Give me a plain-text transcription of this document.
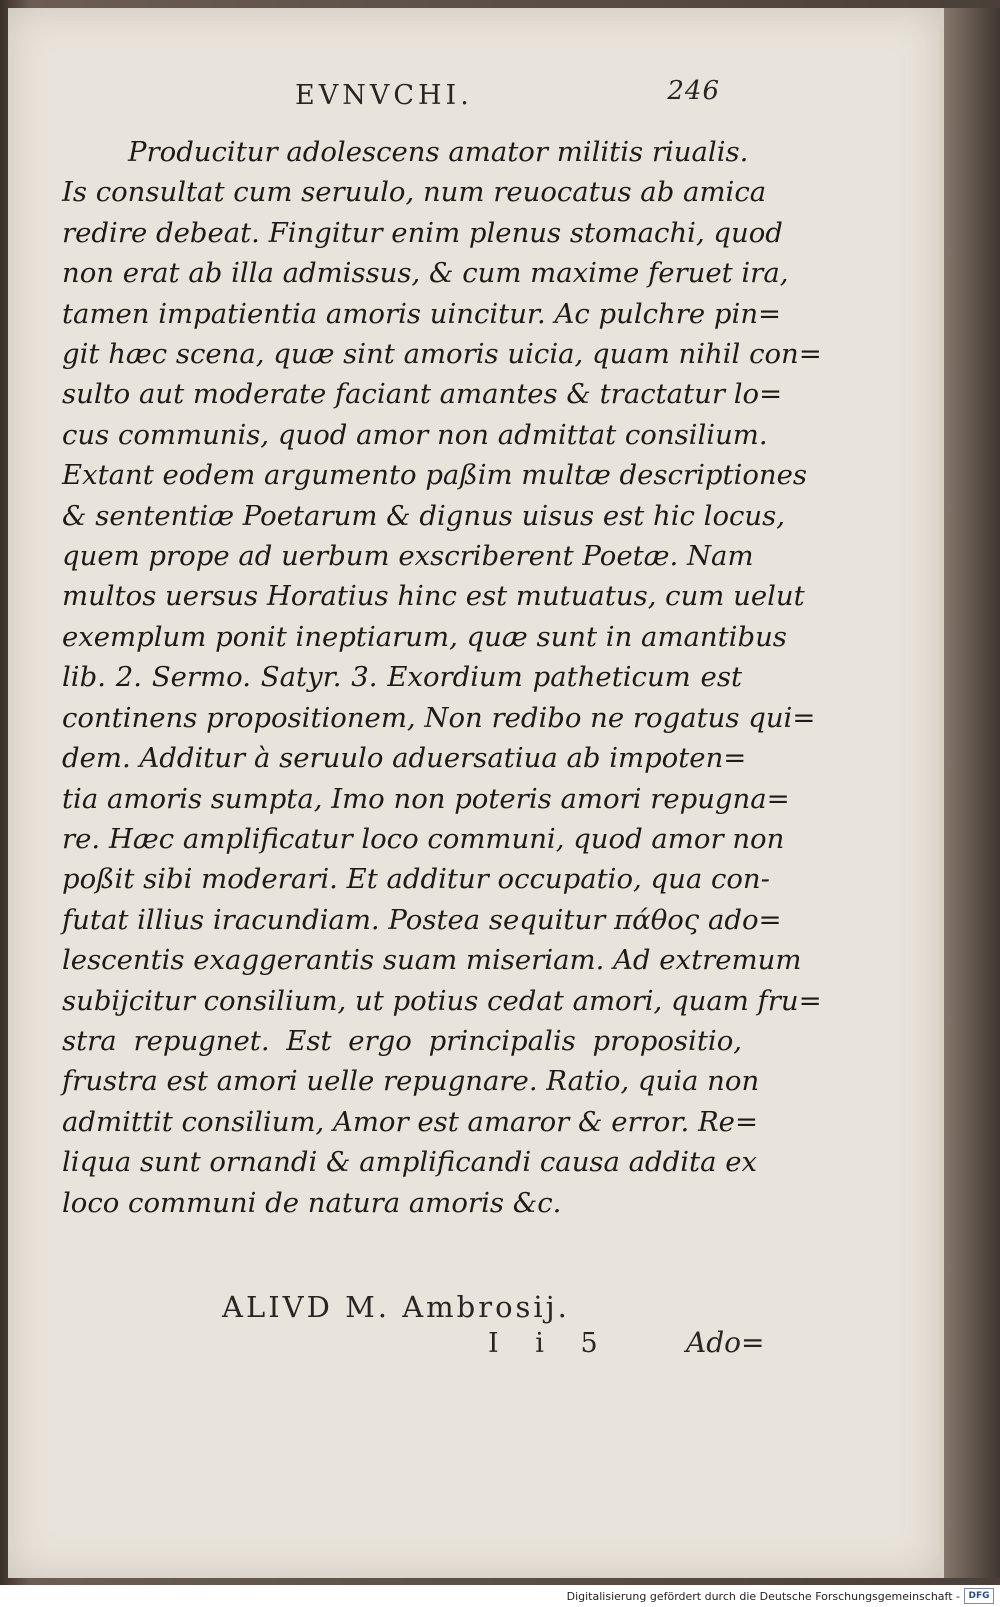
EVNVCHI.	246

Producitur adolescens amator militis riualis.
Is consultat cum seruulo, num reuocatus ab amica
redire debeat. Fingitur enim plenus stomachi, quod
non erat ab illa admissus, & cum maxime feruet ira,
tamen impatientia amoris uincitur. Ac pulchre pin=
git hæc scena, quæ sint amoris uicia, quam nihil con=
sulto aut moderate faciant amantes & tractatur lo=
cus communis, quod amor non admittat consilium.
Extant eodem argumento paßim multæ descriptiones
& sententiæ Poetarum & dignus uisus est hic locus,
quem prope ad uerbum exscriberent Poetæ. Nam
multos uersus Horatius hinc est mutuatus, cum uelut
exemplum ponit ineptiarum, quæ sunt in amantibus
lib. 2. Sermo. Satyr. 3. Exordium patheticum est
continens propositionem, Non redibo ne rogatus qui=
dem. Additur à seruulo aduersatiua ab impoten=
tia amoris sumpta, Imo non poteris amori repugna=
re. Hæc amplificatur loco communi, quod amor non
poßit sibi moderari. Et additur occupatio, qua con-
futat illius iracundiam. Postea sequitur πάθος ado=
lescentis exaggerantis suam miseriam. Ad extremum
subijcitur consilium, ut potius cedat amori, quam fru=
stra repugnet. Est ergo principalis propositio,
frustra est amori uelle repugnare. Ratio, quia non
admittit consilium, Amor est amaror & error. Re=
liqua sunt ornandi & amplificandi causa addita ex
loco communi de natura amoris &c.

ALIVD M. Ambrosij.
I i 5	Ado=
Digitalisierung gefördert durch die Deutsche Forschungsgemeinschaft - DFG
